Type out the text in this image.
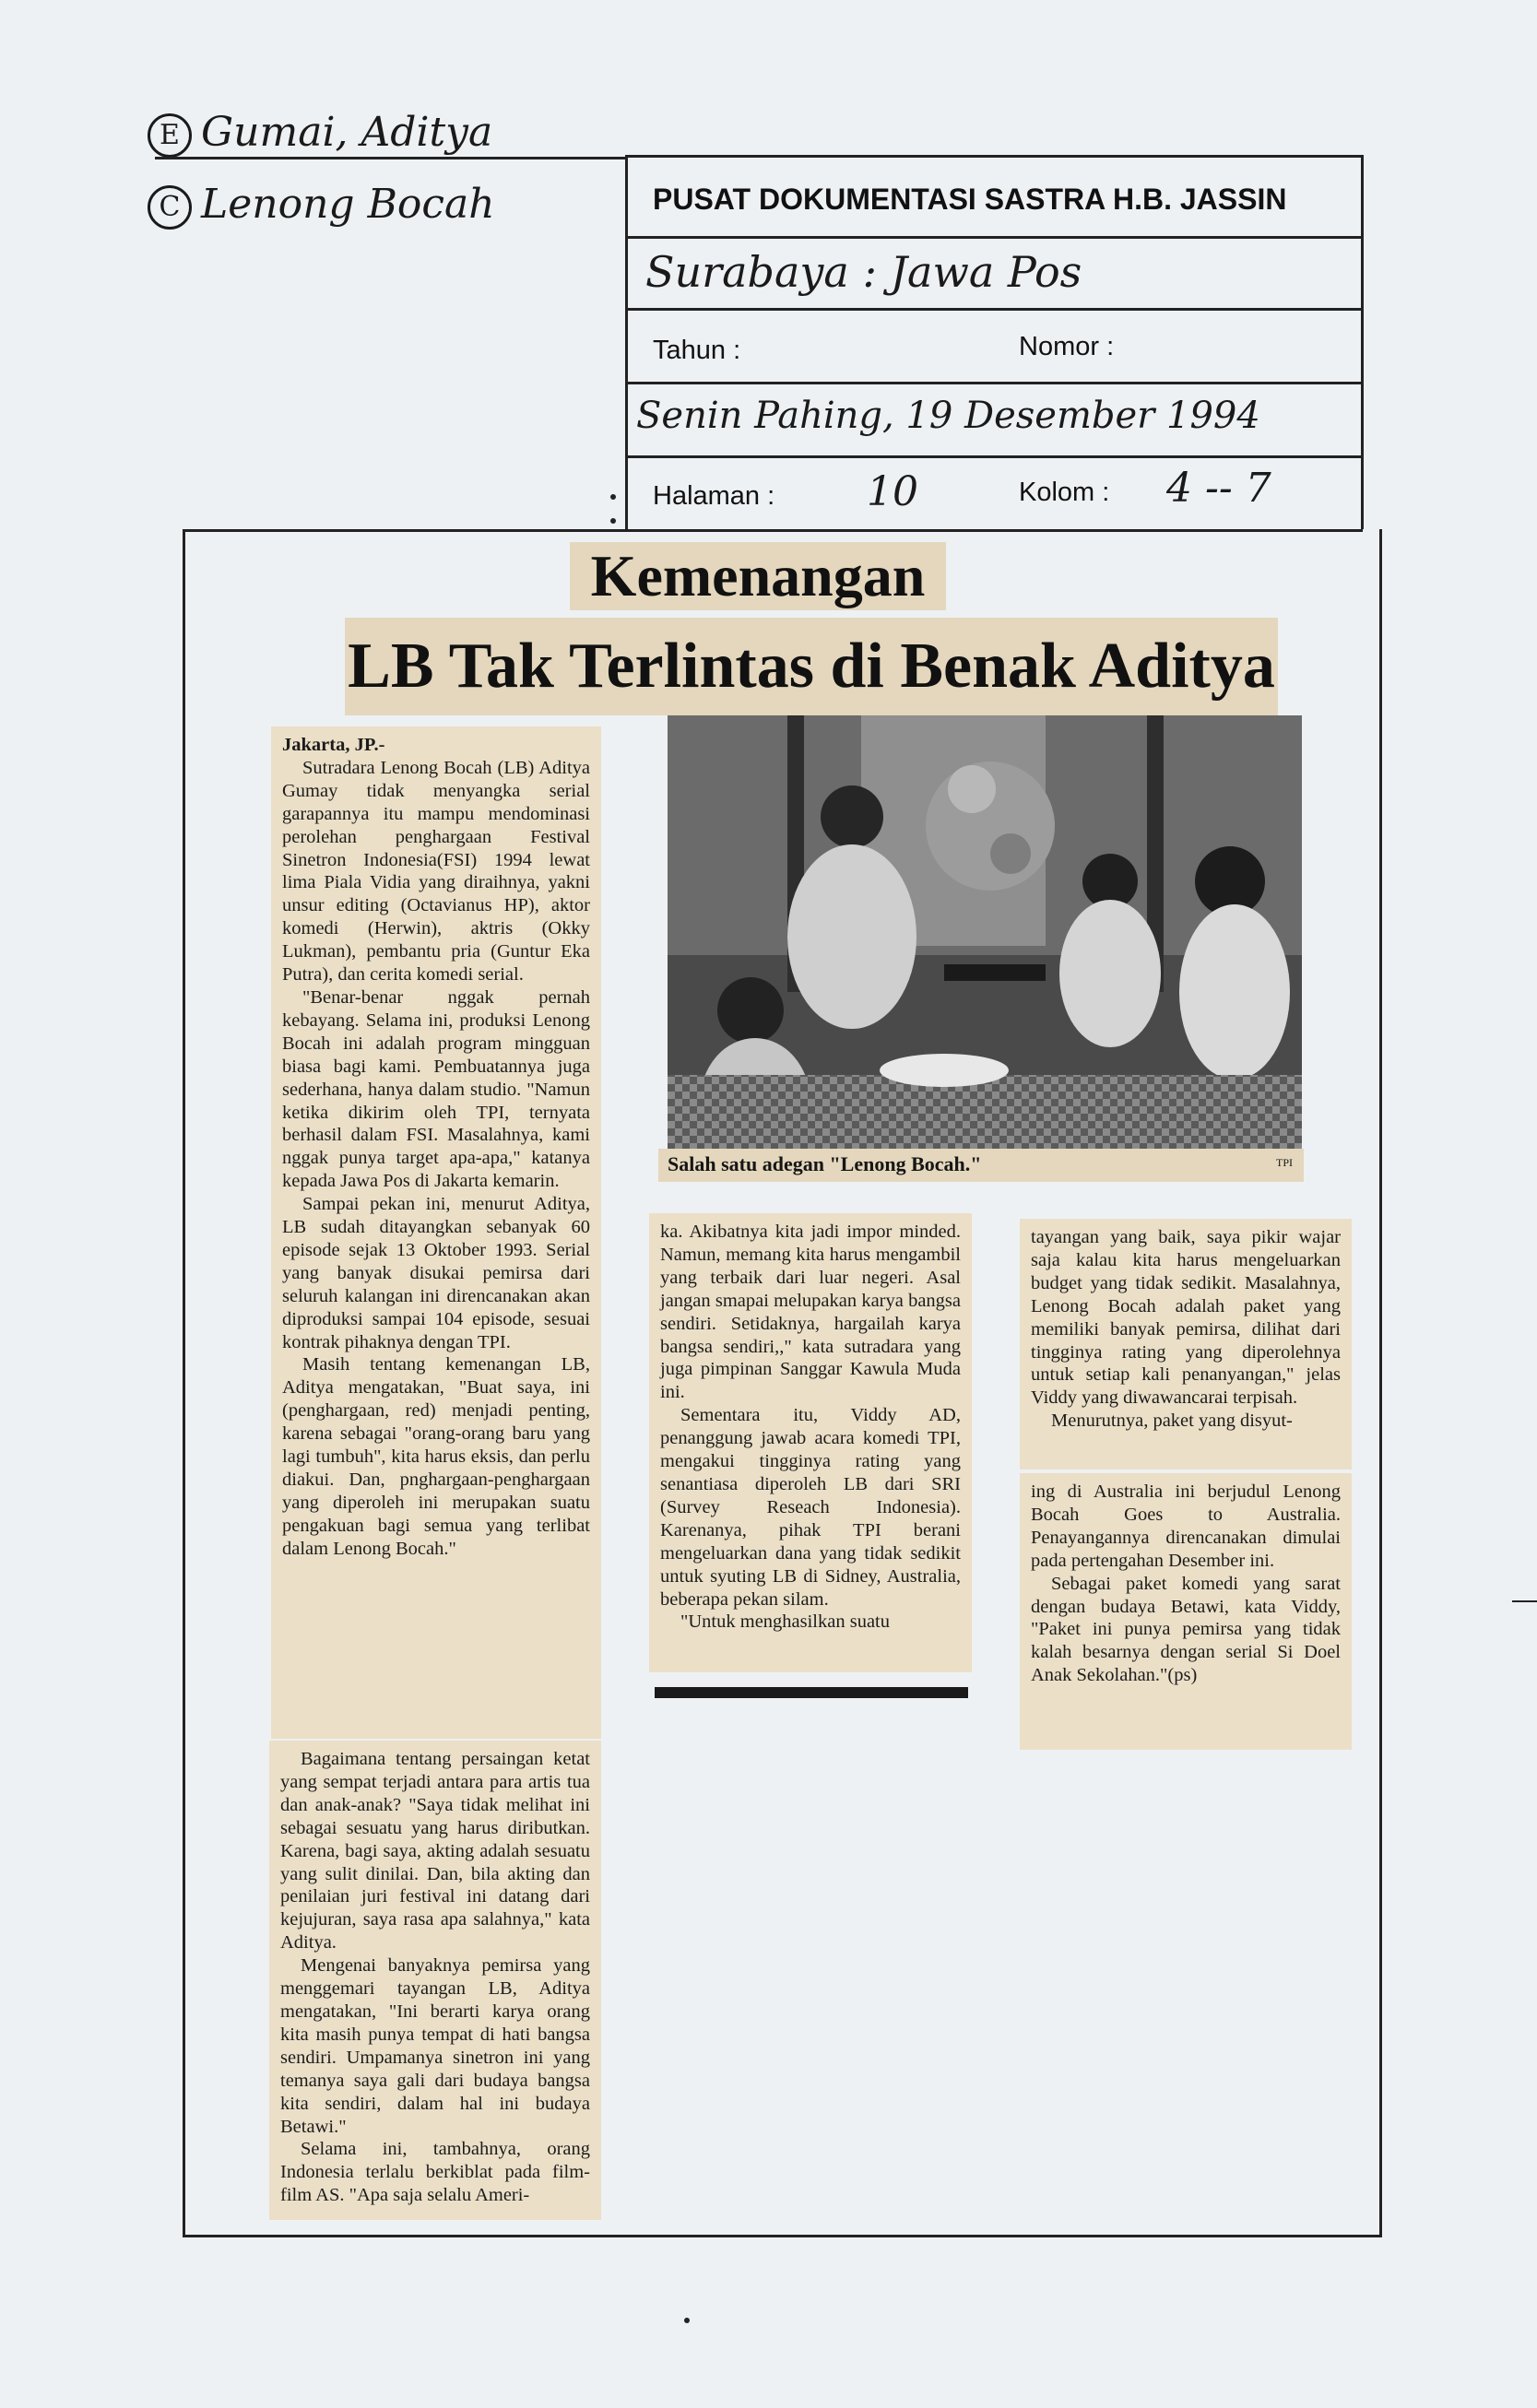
E Gumai, Aditya
C Lenong Bocah	PUSAT DOKUMENTASI SASTRA H.B. JASSIN
Surabaya : Jawa Pos
Tahun :	Nomor :
Senin Pahing, 19 Desember 1994
Halaman : 10	Kolom : 4 -- 7
Kemenangan
LB Tak Terlintas di Benak Aditya
Salah satu adegan "Lenong Bocah."	TPI
Jakarta, JP.-

Sutradara Lenong Bocah (LB) Aditya Gumay tidak menyangka serial garapannya itu mampu mendominasi perolehan penghargaan Festival Sinetron Indonesia(FSI) 1994 lewat lima Piala Vidia yang diraihnya, yakni unsur editing (Octavianus HP), aktor komedi (Herwin), aktris (Okky Lukman), pembantu pria (Guntur Eka Putra), dan cerita komedi serial.

"Benar-benar nggak pernah kebayang. Selama ini, produksi Lenong Bocah ini adalah program mingguan biasa bagi kami. Pembuatannya juga sederhana, hanya dalam studio. "Namun ketika dikirim oleh TPI, ternyata berhasil dalam FSI. Masalahnya, kami nggak punya target apa-apa," katanya kepada Jawa Pos di Jakarta kemarin.

Sampai pekan ini, menurut Aditya, LB sudah ditayangkan sebanyak 60 episode sejak 13 Oktober 1993. Serial yang banyak disukai pemirsa dari seluruh kalangan ini direncanakan akan diproduksi sampai 104 episode, sesuai kontrak pihaknya dengan TPI.

Masih tentang kemenangan LB, Aditya mengatakan, "Buat saya, ini (penghargaan, red) menjadi penting, karena sebagai "orang-orang baru yang lagi tumbuh", kita harus eksis, dan perlu diakui. Dan, pnghargaan-penghargaan yang diperoleh ini merupakan suatu pengakuan bagi semua yang terlibat dalam Lenong Bocah."

Bagaimana tentang persaingan ketat yang sempat terjadi antara para artis tua dan anak-anak? "Saya tidak melihat ini sebagai sesuatu yang harus diributkan. Karena, bagi saya, akting adalah sesuatu yang sulit dinilai. Dan, bila akting dan penilaian juri festival ini datang dari kejujuran, saya rasa apa salahnya," kata Aditya.

Mengenai banyaknya pemirsa yang menggemari tayangan LB, Aditya mengatakan, "Ini berarti karya orang kita masih punya tempat di hati bangsa sendiri. Umpamanya sinetron ini yang temanya saya gali dari budaya bangsa kita sendiri, dalam hal ini budaya Betawi."

Selama ini, tambahnya, orang Indonesia terlalu berkiblat pada film-film AS. "Apa saja selalu Ameri-

ka. Akibatnya kita jadi impor minded. Namun, memang kita harus mengambil yang terbaik dari luar negeri. Asal jangan smapai melupakan karya bangsa sendiri. Setidaknya, hargailah karya bangsa sendiri,," kata sutradara yang juga pimpinan Sanggar Kawula Muda ini.

Sementara itu, Viddy AD, penanggung jawab acara komedi TPI, mengakui tingginya rating yang senantiasa diperoleh LB dari SRI (Survey Reseach Indonesia). Karenanya, pihak TPI berani mengeluarkan dana yang tidak sedikit untuk syuting LB di Sidney, Australia, beberapa pekan silam.

"Untuk menghasilkan suatu

tayangan yang baik, saya pikir wajar saja kalau kita harus mengeluarkan budget yang tidak sedikit. Masalahnya, Lenong Bocah adalah paket yang memiliki banyak pemirsa, dilihat dari tingginya rating yang diperolehnya untuk setiap kali penanyangan," jelas Viddy yang diwawancarai terpisah.

Menurutnya, paket yang disyut-

ing di Australia ini berjudul Lenong Bocah Goes to Australia. Penayangannya direncanakan dimulai pada pertengahan Desember ini.

Sebagai paket komedi yang sarat dengan budaya Betawi, kata Viddy, "Paket ini punya pemirsa yang tidak kalah besarnya dengan serial Si Doel Anak Sekolahan."(ps)
